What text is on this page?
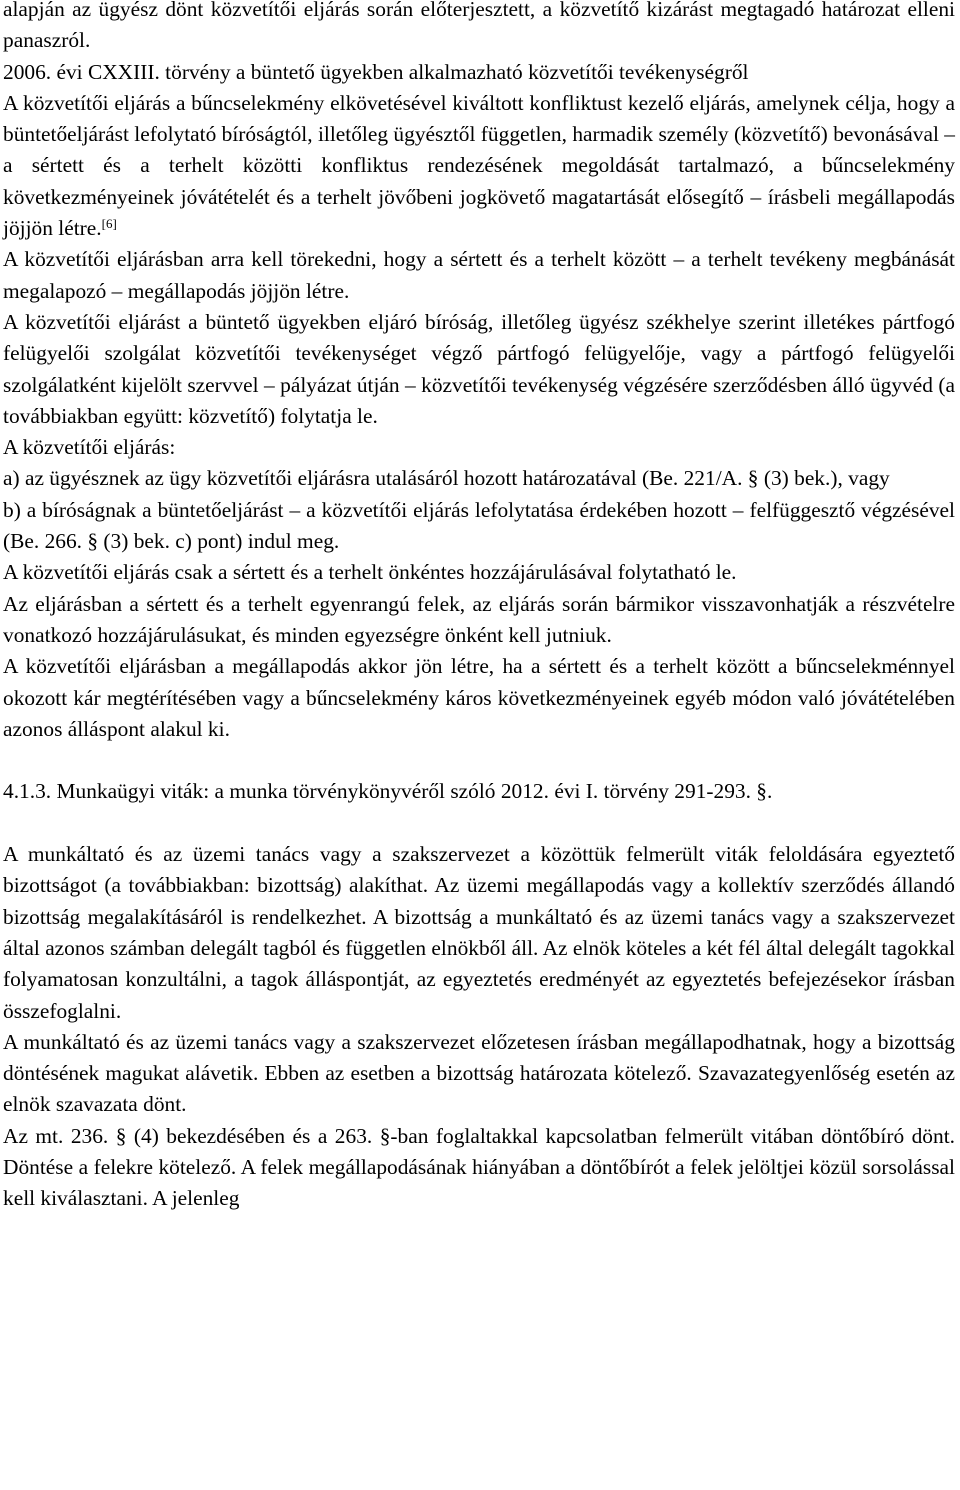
alapján az ügyész dönt közvetítői eljárás során előterjesztett, a közvetítő kizárást megtagadó határozat elleni panaszról.

2006. évi CXXIII. törvény a büntető ügyekben alkalmazható közvetítői tevékenységről

A közvetítői eljárás a bűncselekmény elkövetésével kiváltott konfliktust kezelő eljárás, amelynek célja, hogy a büntetőeljárást lefolytató bíróságtól, illetőleg ügyésztől független, harmadik személy (közvetítő) bevonásával – a sértett és a terhelt közötti konfliktus rendezésének megoldását tartalmazó, a bűncselekmény következményeinek jóvátételét és a terhelt jövőbeni jogkövető magatartását elősegítő – írásbeli megállapodás jöjjön létre.[6]

A közvetítői eljárásban arra kell törekedni, hogy a sértett és a terhelt között – a terhelt tevékeny megbánását megalapozó – megállapodás jöjjön létre.

A közvetítői eljárást a büntető ügyekben eljáró bíróság, illetőleg ügyész székhelye szerint illetékes pártfogó felügyelői szolgálat közvetítői tevékenységet végző pártfogó felügyelője, vagy a pártfogó felügyelői szolgálatként kijelölt szervvel – pályázat útján – közvetítői tevékenység végzésére szerződésben álló ügyvéd (a továbbiakban együtt: közvetítő) folytatja le.

A közvetítői eljárás:

a) az ügyésznek az ügy közvetítői eljárásra utalásáról hozott határozatával (Be. 221/A. § (3) bek.), vagy

b) a bíróságnak a büntetőeljárást – a közvetítői eljárás lefolytatása érdekében hozott – felfüggesztő végzésével (Be. 266. § (3) bek. c) pont) indul meg.

A közvetítői eljárás csak a sértett és a terhelt önkéntes hozzájárulásával folytatható le.

Az eljárásban a sértett és a terhelt egyenrangú felek, az eljárás során bármikor visszavonhatják a részvételre vonatkozó hozzájárulásukat, és minden egyezségre önként kell jutniuk.

A közvetítői eljárásban a megállapodás akkor jön létre, ha a sértett és a terhelt között a bűncselekménnyel okozott kár megtérítésében vagy a bűncselekmény káros következményeinek egyéb módon való jóvátételében azonos álláspont alakul ki.

4.1.3. Munkaügyi viták: a munka törvénykönyvéről szóló 2012. évi I. törvény 291-293. §.

A munkáltató és az üzemi tanács vagy a szakszervezet a közöttük felmerült viták feloldására egyeztető bizottságot (a továbbiakban: bizottság) alakíthat. Az üzemi megállapodás vagy a kollektív szerződés állandó bizottság megalakításáról is rendelkezhet. A bizottság a munkáltató és az üzemi tanács vagy a szakszervezet által azonos számban delegált tagból és független elnökből áll. Az elnök köteles a két fél által delegált tagokkal folyamatosan konzultálni, a tagok álláspontját, az egyeztetés eredményét az egyeztetés befejezésekor írásban összefoglalni.

A munkáltató és az üzemi tanács vagy a szakszervezet előzetesen írásban megállapodhatnak, hogy a bizottság döntésének magukat alávetik. Ebben az esetben a bizottság határozata kötelező. Szavazategyenlőség esetén az elnök szavazata dönt.

Az mt. 236. § (4) bekezdésében és a 263. §-ban foglaltakkal kapcsolatban felmerült vitában döntőbíró dönt. Döntése a felekre kötelező. A felek megállapodásának hiányában a döntőbírót a felek jelöltjei közül sorsolással kell kiválasztani. A jelenleg
